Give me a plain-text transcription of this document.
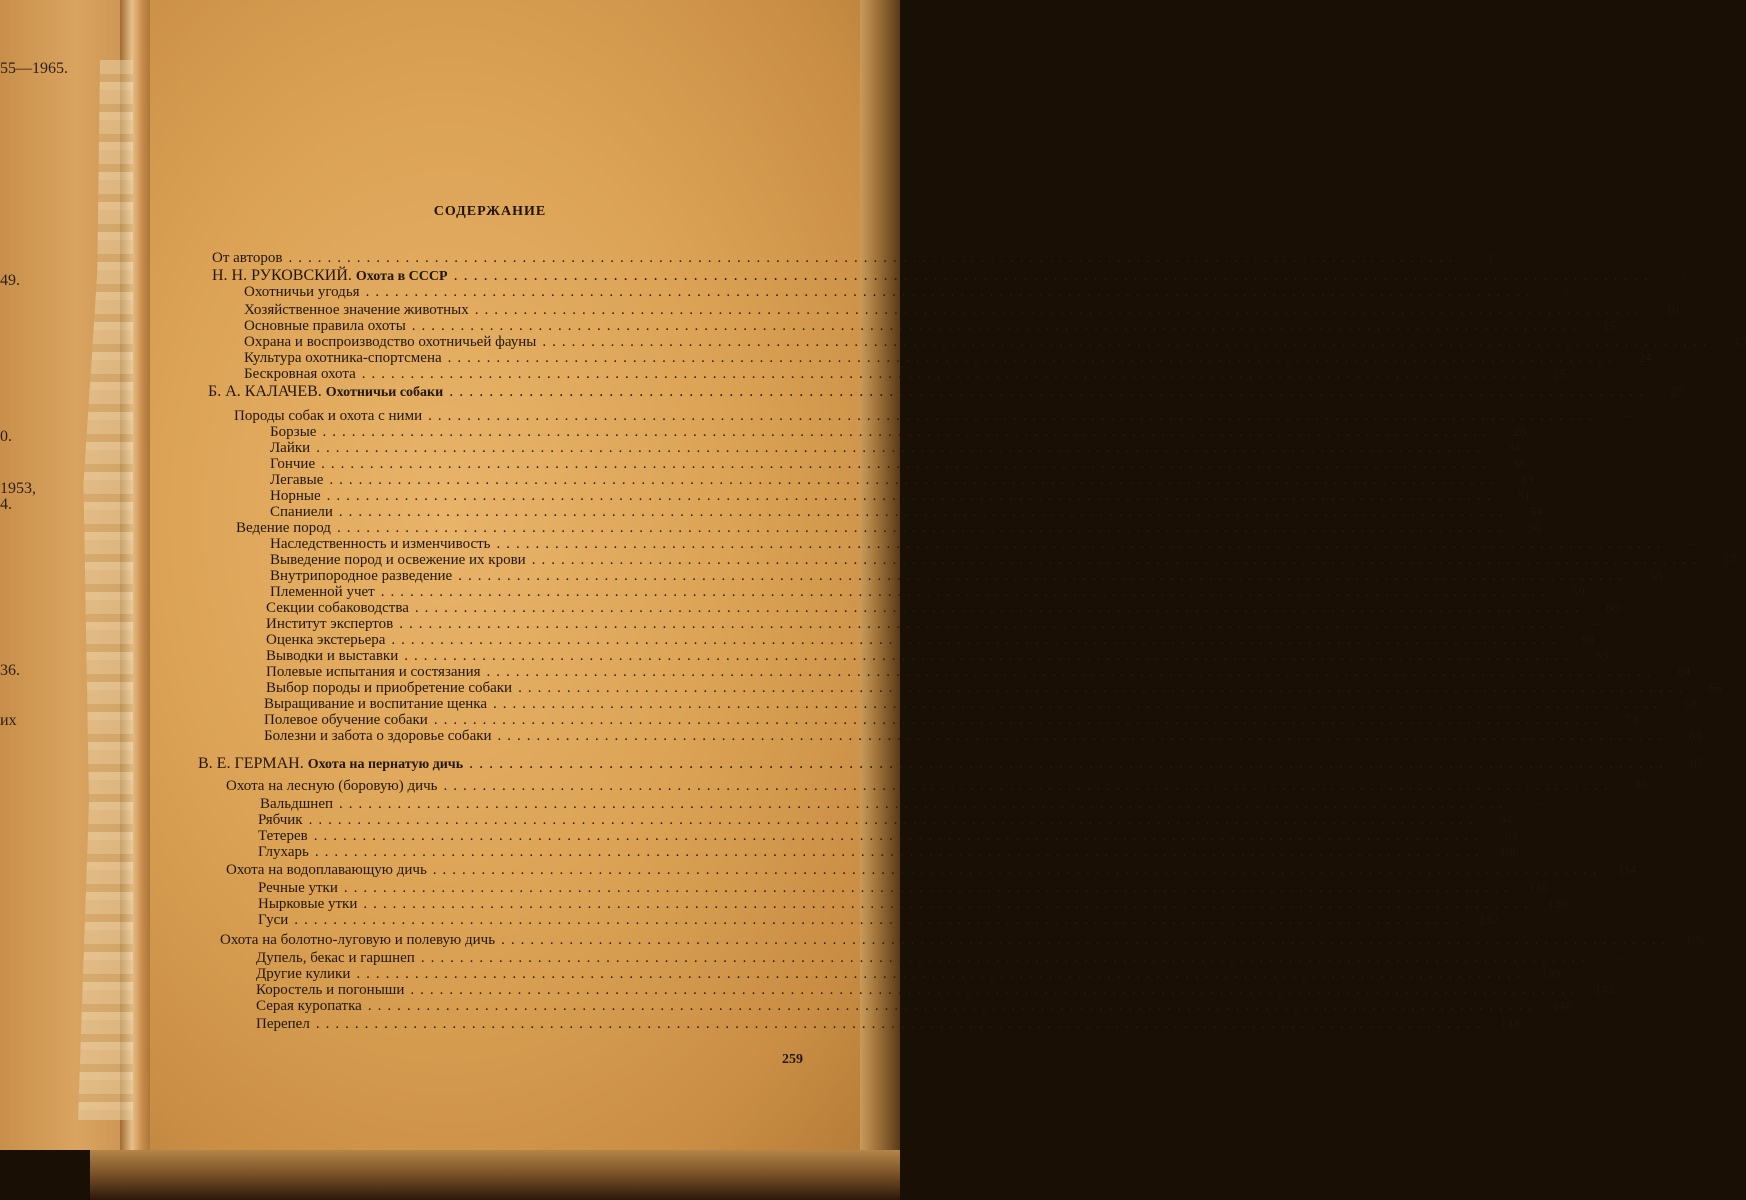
55—1965.
49.
0.
1953,
4.
36.
их
СОДЕРЖАНИЕ
От авторов ........................................................................................................................	3
Н. Н. РУКОВСКИЙ. Охота в СССР ........................................................................................................................	5
Охотничьи угодья ........................................................................................................................	7
Хозяйственное значение животных ........................................................................................................................	10
Основные правила охоты ........................................................................................................................	15
Охрана и воспроизводство охотничьей фауны ........................................................................................................................	17
Культура охотника-спортсмена ........................................................................................................................	24
Бескровная охота ........................................................................................................................	25
Б. А. КАЛАЧЕВ. Охотничьи собаки ........................................................................................................................	27
Породы собак и охота с ними ........................................................................................................................	—
Борзые ........................................................................................................................	28
Лайки ........................................................................................................................	34
Гончие ........................................................................................................................	38
Легавые ........................................................................................................................	43
Норные ........................................................................................................................	51
Спаниели ........................................................................................................................	54
Ведение пород ........................................................................................................................	56
Наследственность и изменчивость ........................................................................................................................	—
Выведение пород и освежение их крови ........................................................................................................................	57
Внутрипородное разведение ........................................................................................................................	58
Племенной учет ........................................................................................................................	59
Секции собаководства ........................................................................................................................	60
Институт экспертов ........................................................................................................................	—
Оценка экстерьера ........................................................................................................................	61
Выводки и выставки ........................................................................................................................	63
Полевые испытания и состязания ........................................................................................................................	64
Выбор породы и приобретение собаки ........................................................................................................................	65
Выращивание и воспитание щенка ........................................................................................................................	68
Полевое обучение собаки ........................................................................................................................	73
Болезни и забота о здоровье собаки ........................................................................................................................	83
В. Е. ГЕРМАН. Охота на пернатую дичь ........................................................................................................................	87
Охота на лесную (боровую) дичь ........................................................................................................................	90
Вальдшнеп ........................................................................................................................	—
Рябчик ........................................................................................................................	94
Тетерев ........................................................................................................................	97
Глухарь ........................................................................................................................	106
Охота на водоплавающую дичь ........................................................................................................................	114
Речные утки ........................................................................................................................	115
Нырковые утки ........................................................................................................................	130
Гуси ........................................................................................................................	132
Охота на болотно-луговую и полевую дичь ........................................................................................................................	136
Дупель, бекас и гаршнеп ........................................................................................................................	—
Другие кулики ........................................................................................................................	139
Коростель и погоныши ........................................................................................................................	143
Серая куропатка ........................................................................................................................	146
Перепел ........................................................................................................................	148
259
